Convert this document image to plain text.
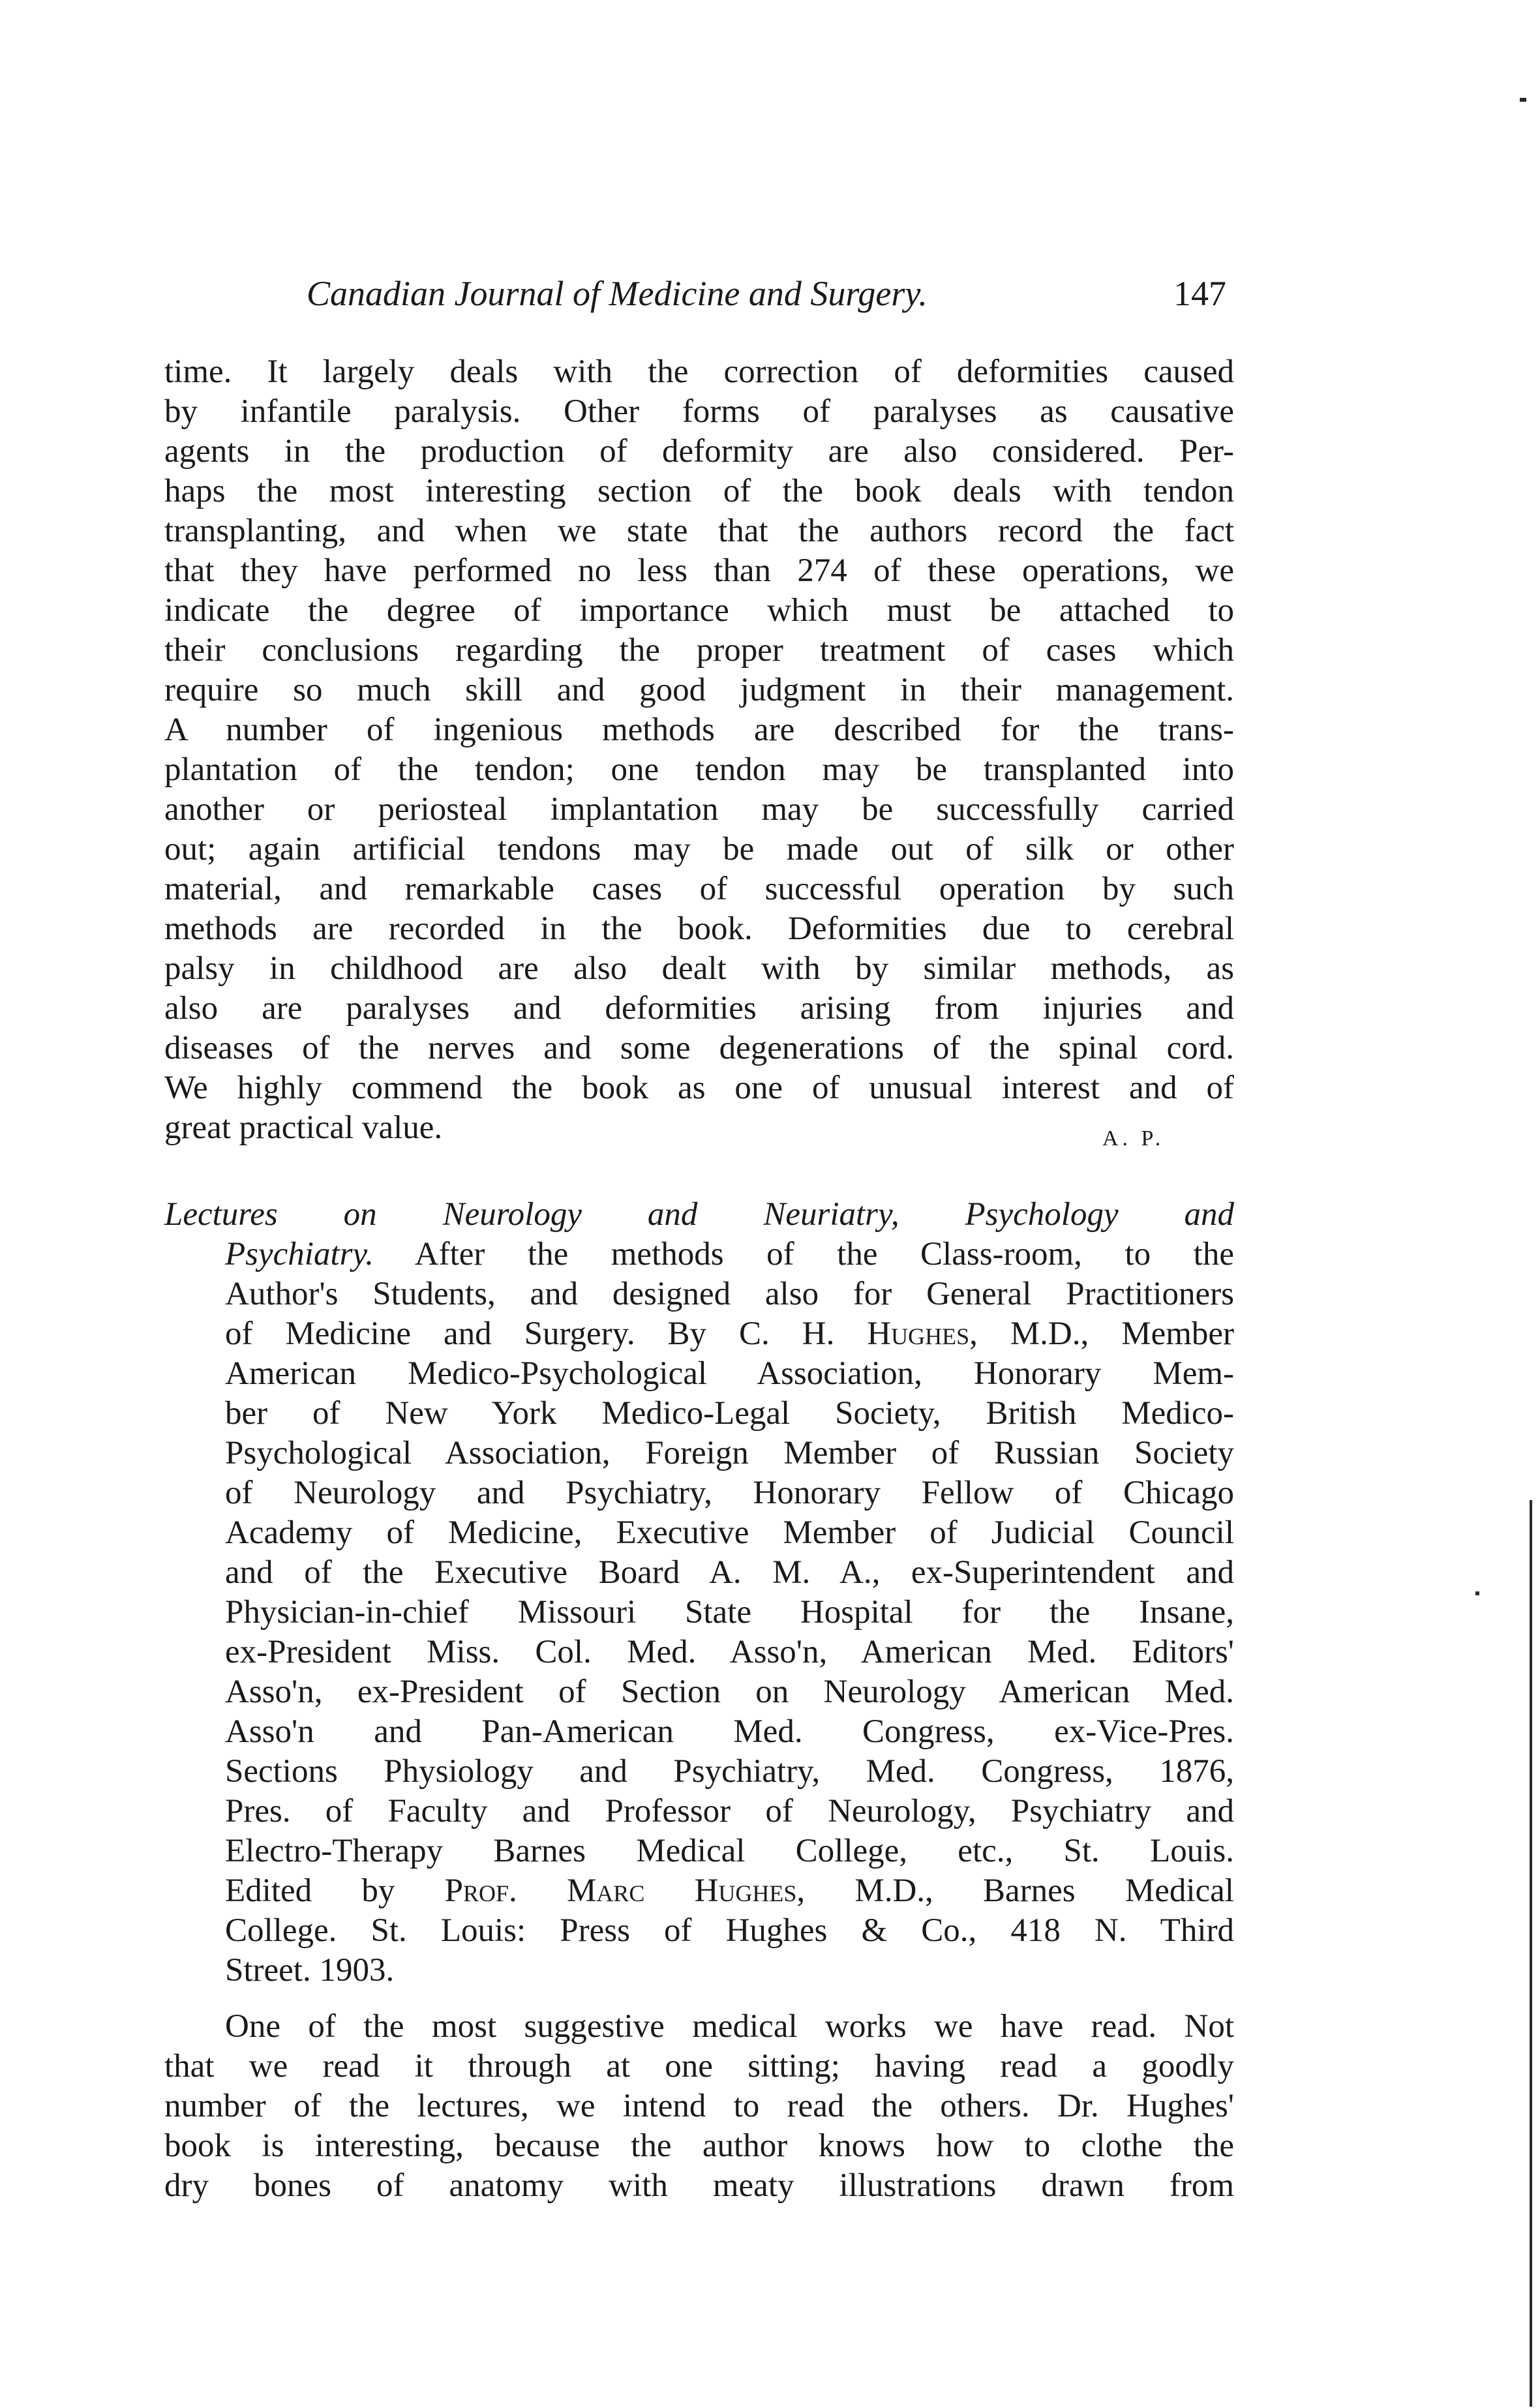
Canadian Journal of Medicine and Surgery.	147
time. It largely deals with the correction of deformities caused
by infantile paralysis. Other forms of paralyses as causative
agents in the production of deformity are also considered. Per-
haps the most interesting section of the book deals with tendon
transplanting, and when we state that the authors record the fact
that they have performed no less than 274 of these operations, we
indicate the degree of importance which must be attached to
their conclusions regarding the proper treatment of cases which
require so much skill and good judgment in their management.
A number of ingenious methods are described for the trans-
plantation of the tendon; one tendon may be transplanted into
another or periosteal implantation may be successfully carried
out; again artificial tendons may be made out of silk or other
material, and remarkable cases of successful operation by such
methods are recorded in the book. Deformities due to cerebral
palsy in childhood are also dealt with by similar methods, as
also are paralyses and deformities arising from injuries and
diseases of the nerves and some degenerations of the spinal cord.
We highly commend the book as one of unusual interest and of
great practical value.	A. P.
Lectures on Neurology and Neuriatry, Psychology and
Psychiatry. After the methods of the Class-room, to the
Author's Students, and designed also for General Practitioners
of Medicine and Surgery. By C. H. Hughes, M.D., Member
American Medico-Psychological Association, Honorary Mem-
ber of New York Medico-Legal Society, British Medico-
Psychological Association, Foreign Member of Russian Society
of Neurology and Psychiatry, Honorary Fellow of Chicago
Academy of Medicine, Executive Member of Judicial Council
and of the Executive Board A. M. A., ex-Superintendent and
Physician-in-chief Missouri State Hospital for the Insane,
ex-President Miss. Col. Med. Asso'n, American Med. Editors'
Asso'n, ex-President of Section on Neurology American Med.
Asso'n and Pan-American Med. Congress, ex-Vice-Pres.
Sections Physiology and Psychiatry, Med. Congress, 1876,
Pres. of Faculty and Professor of Neurology, Psychiatry and
Electro-Therapy Barnes Medical College, etc., St. Louis.
Edited by Prof. Marc Hughes, M.D., Barnes Medical
College. St. Louis: Press of Hughes & Co., 418 N. Third
Street. 1903.
One of the most suggestive medical works we have read. Not
that we read it through at one sitting; having read a goodly
number of the lectures, we intend to read the others. Dr. Hughes'
book is interesting, because the author knows how to clothe the
dry bones of anatomy with meaty illustrations drawn from
